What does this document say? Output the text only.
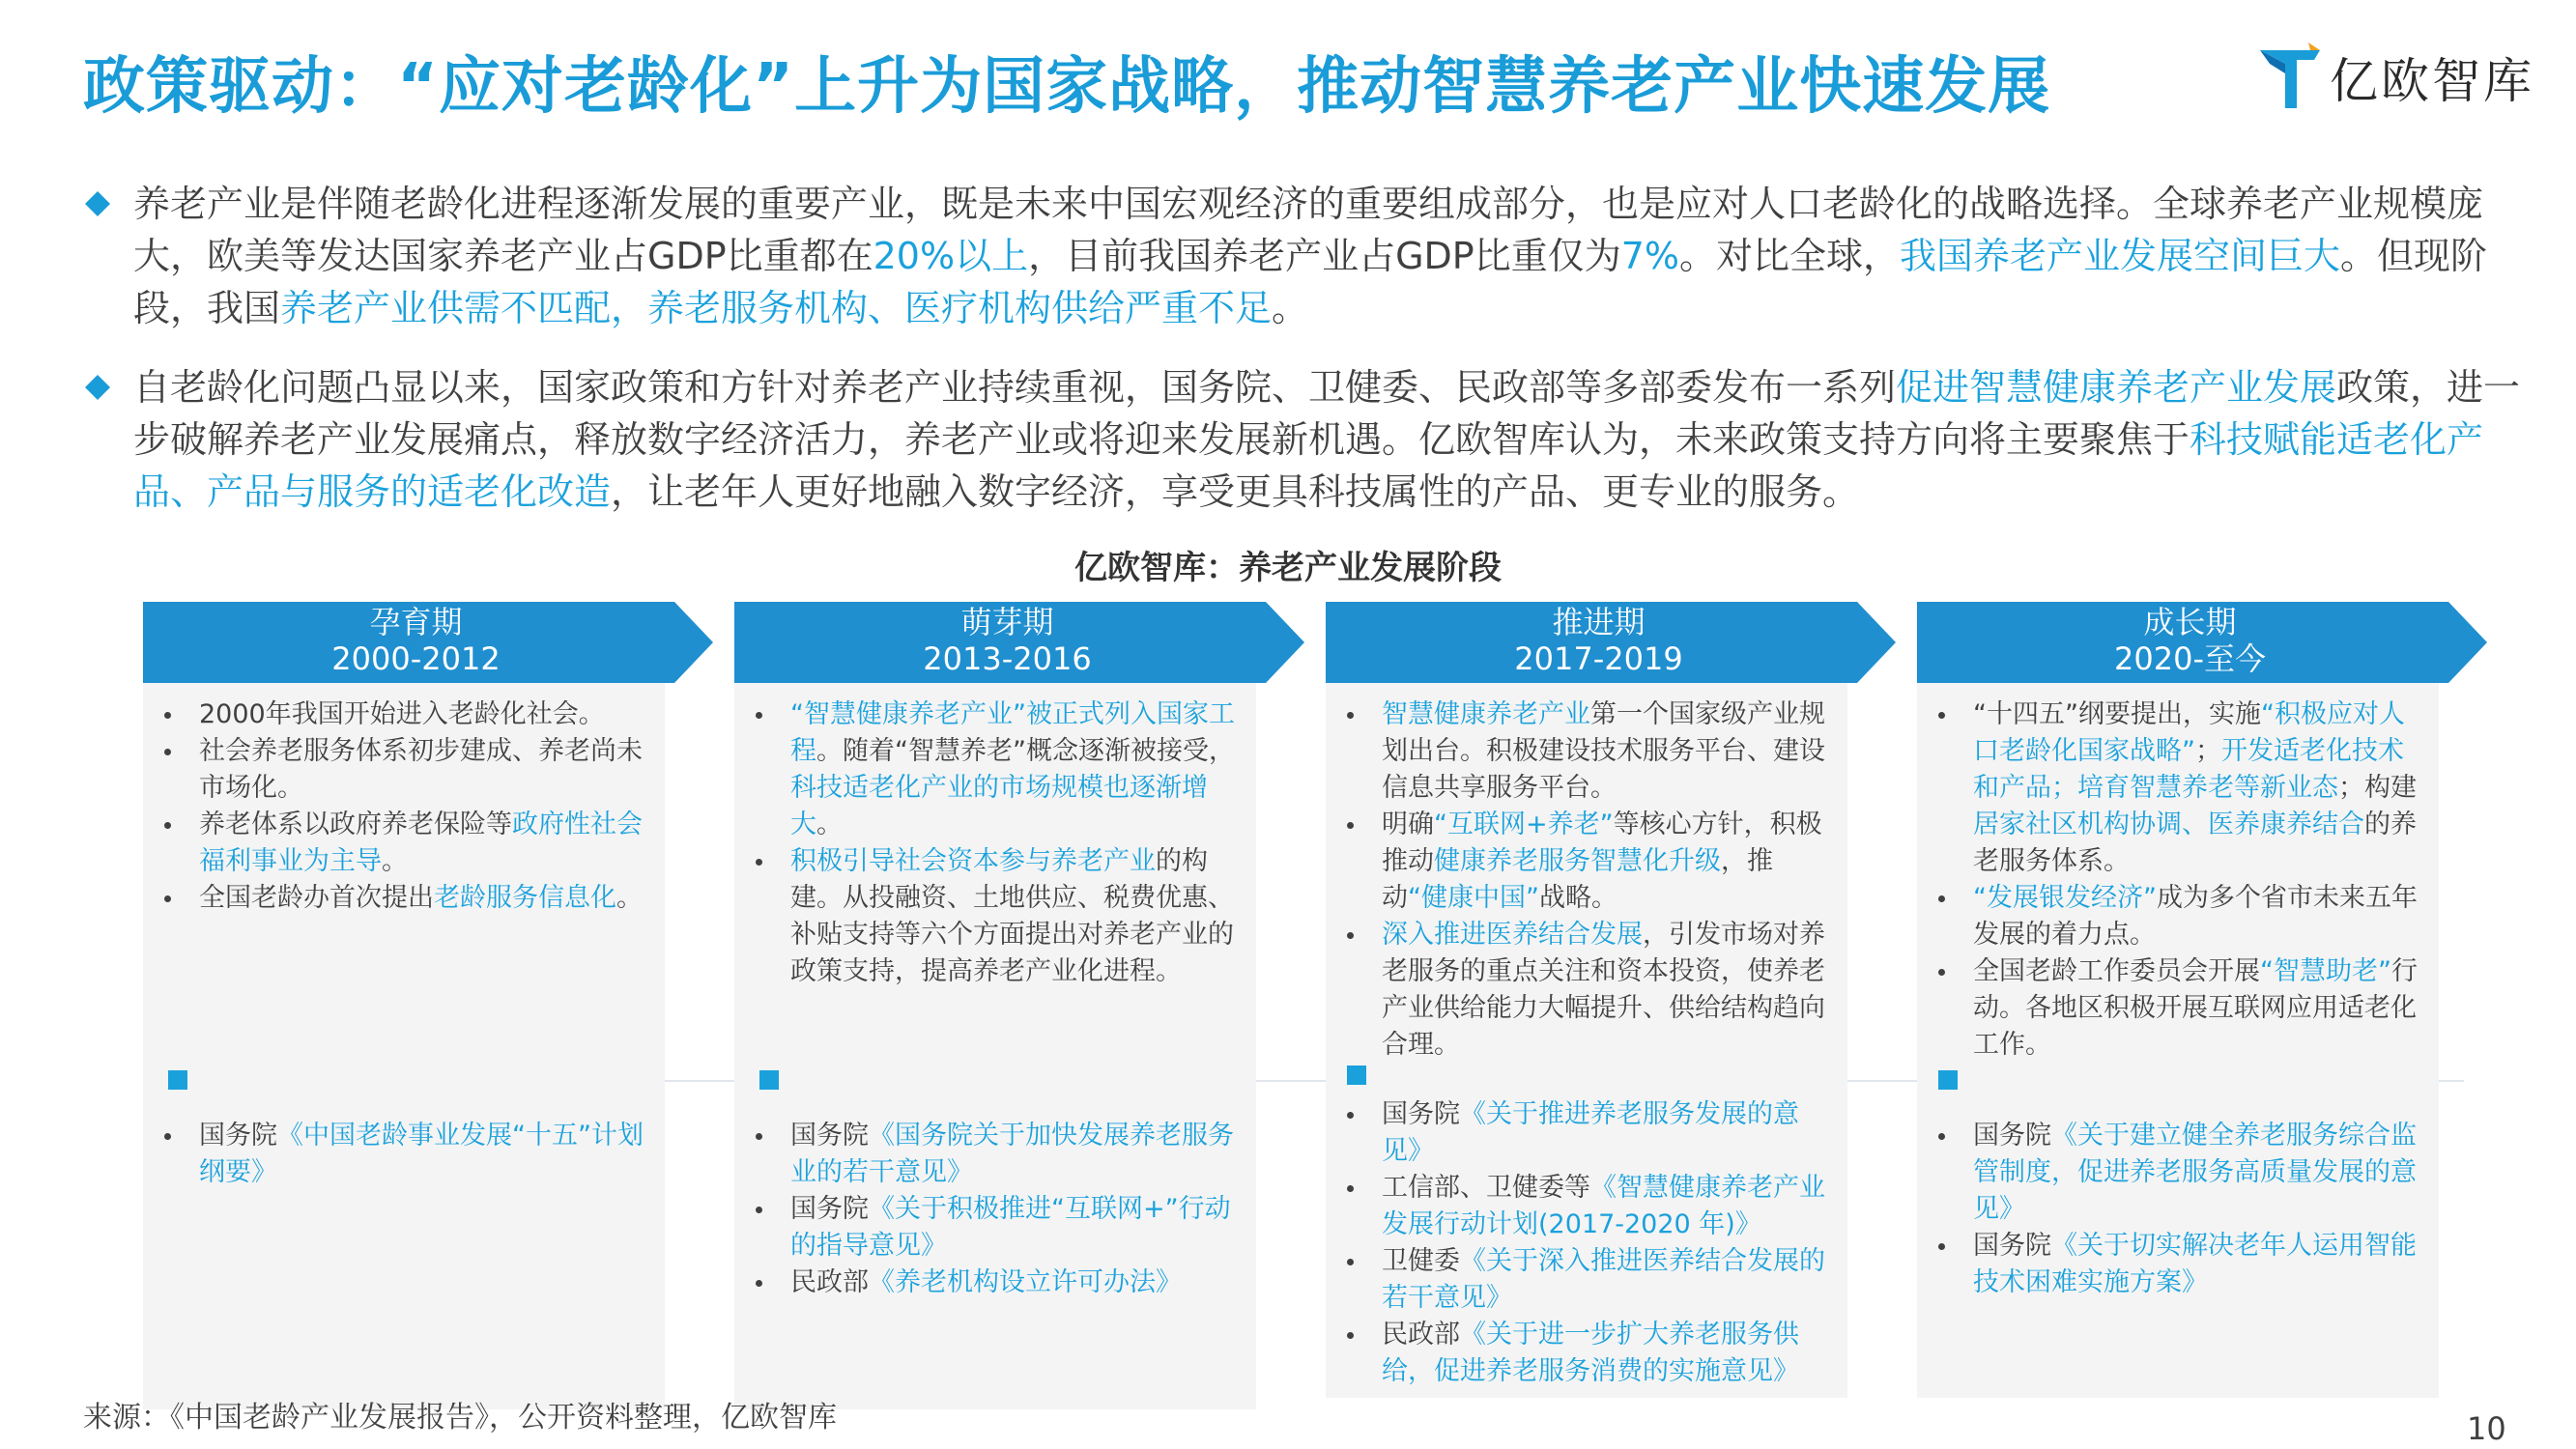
政策驱动：“应对老龄化”上升为国家战略，推动智慧养老产业快速发展	亿欧智库
养老产业是伴随老龄化进程逐渐发展的重要产业，既是未来中国宏观经济的重要组成部分，也是应对人口老龄化的战略选择。全球养老产业规模庞大，欧美等发达国家养老产业占GDP比重都在20%以上，目前我国养老产业占GDP比重仅为7%。对比全球，我国养老产业发展空间巨大。但现阶段，我国养老产业供需不匹配，养老服务机构、医疗机构供给严重不足。
自老龄化问题凸显以来，国家政策和方针对养老产业持续重视，国务院、卫健委、民政部等多部委发布一系列促进智慧健康养老产业发展政策，进一步破解养老产业发展痛点，释放数字经济活力，养老产业或将迎来发展新机遇。亿欧智库认为，未来政策支持方向将主要聚焦于科技赋能适老化产品、产品与服务的适老化改造，让老年人更好地融入数字经济，享受更具科技属性的产品、更专业的服务。
亿欧智库：养老产业发展阶段
孕育期
2000-2012
2000年我国开始进入老龄化社会。
社会养老服务体系初步建成、养老尚未市场化。
养老体系以政府养老保险等政府性社会福利事业为主导。
全国老龄办首次提出老龄服务信息化。
国务院《中国老龄事业发展“十五”计划纲要》
萌芽期
2013-2016
“智慧健康养老产业”被正式列入国家工程。随着“智慧养老”概念逐渐被接受，科技适老化产业的市场规模也逐渐增大。
积极引导社会资本参与养老产业的构建。从投融资、土地供应、税费优惠、补贴支持等六个方面提出对养老产业的政策支持，提高养老产业化进程。
国务院《国务院关于加快发展养老服务业的若干意见》
国务院《关于积极推进“互联网+”行动的指导意见》
民政部《养老机构设立许可办法》
推进期
2017-2019
智慧健康养老产业第一个国家级产业规划出台。积极建设技术服务平台、建设信息共享服务平台。
明确“互联网+养老”等核心方针，积极推动健康养老服务智慧化升级，推动“健康中国”战略。
深入推进医养结合发展，引发市场对养老服务的重点关注和资本投资，使养老产业供给能力大幅提升、供给结构趋向合理。
国务院《关于推进养老服务发展的意见》
工信部、卫健委等《智慧健康养老产业发展行动计划(2017-2020 年)》
卫健委《关于深入推进医养结合发展的若干意见》
民政部《关于进一步扩大养老服务供给，促进养老服务消费的实施意见》
成长期
2020-至今
“十四五”纲要提出，实施“积极应对人口老龄化国家战略”；开发适老化技术和产品；培育智慧养老等新业态；构建居家社区机构协调、医养康养结合的养老服务体系。
“发展银发经济”成为多个省市未来五年发展的着力点。
全国老龄工作委员会开展“智慧助老”行动。各地区积极开展互联网应用适老化工作。
国务院《关于建立健全养老服务综合监管制度，促进养老服务高质量发展的意见》
国务院《关于切实解决老年人运用智能技术困难实施方案》
来源：《中国老龄产业发展报告》，公开资料整理，亿欧智库	10
